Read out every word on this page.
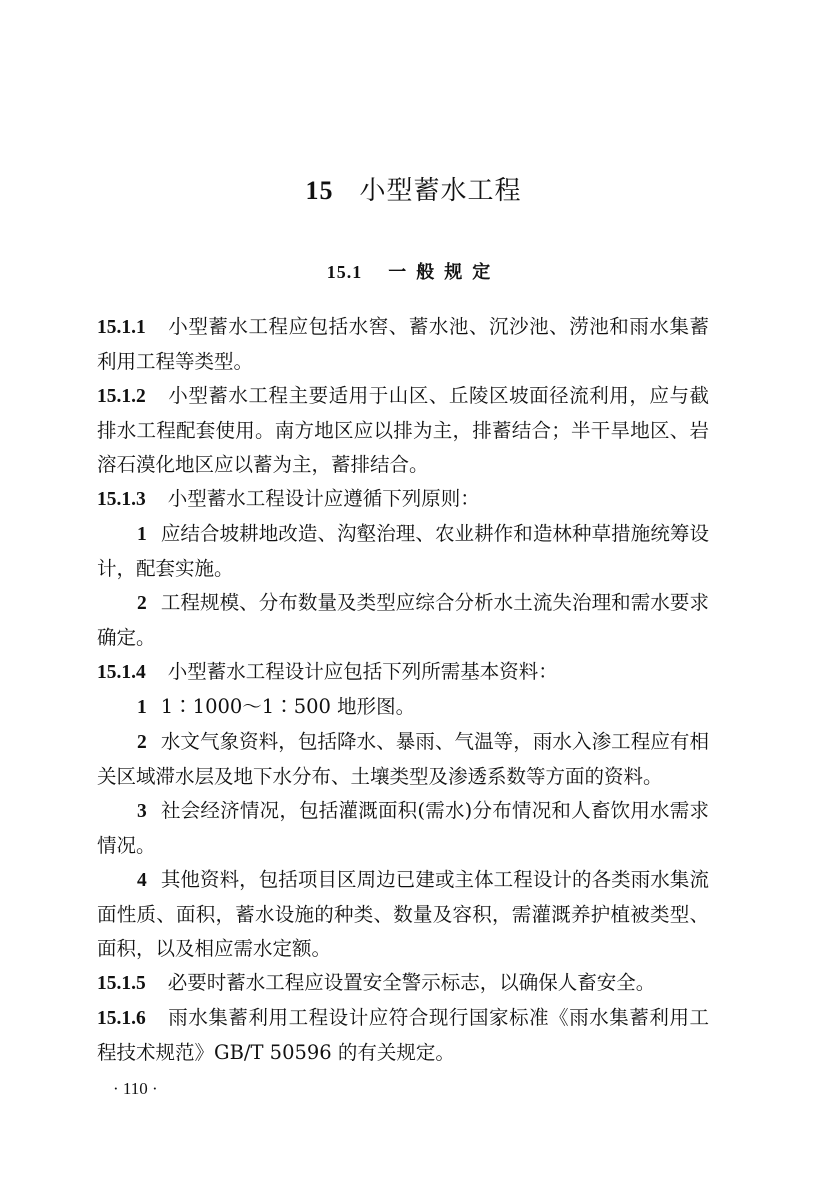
15 小型蓄水工程
15.1 一般规定

15.1.1 小型蓄水工程应包括水窖、蓄水池、沉沙池、涝池和雨水集蓄利用工程等类型。

15.1.2 小型蓄水工程主要适用于山区、丘陵区坡面径流利用，应与截排水工程配套使用。南方地区应以排为主，排蓄结合；半干旱地区、岩溶石漠化地区应以蓄为主，蓄排结合。

15.1.3 小型蓄水工程设计应遵循下列原则：

1 应结合坡耕地改造、沟壑治理、农业耕作和造林种草措施统筹设计，配套实施。

2 工程规模、分布数量及类型应综合分析水土流失治理和需水要求确定。

15.1.4 小型蓄水工程设计应包括下列所需基本资料：

1 1∶1000～1∶500 地形图。

2 水文气象资料，包括降水、暴雨、气温等，雨水入渗工程应有相关区域滞水层及地下水分布、土壤类型及渗透系数等方面的资料。

3 社会经济情况，包括灌溉面积(需水)分布情况和人畜饮用水需求情况。

4 其他资料，包括项目区周边已建或主体工程设计的各类雨水集流面性质、面积，蓄水设施的种类、数量及容积，需灌溉养护植被类型、面积，以及相应需水定额。

15.1.5 必要时蓄水工程应设置安全警示标志，以确保人畜安全。

15.1.6 雨水集蓄利用工程设计应符合现行国家标准《雨水集蓄利用工程技术规范》GB/T 50596 的有关规定。

· 110 ·
